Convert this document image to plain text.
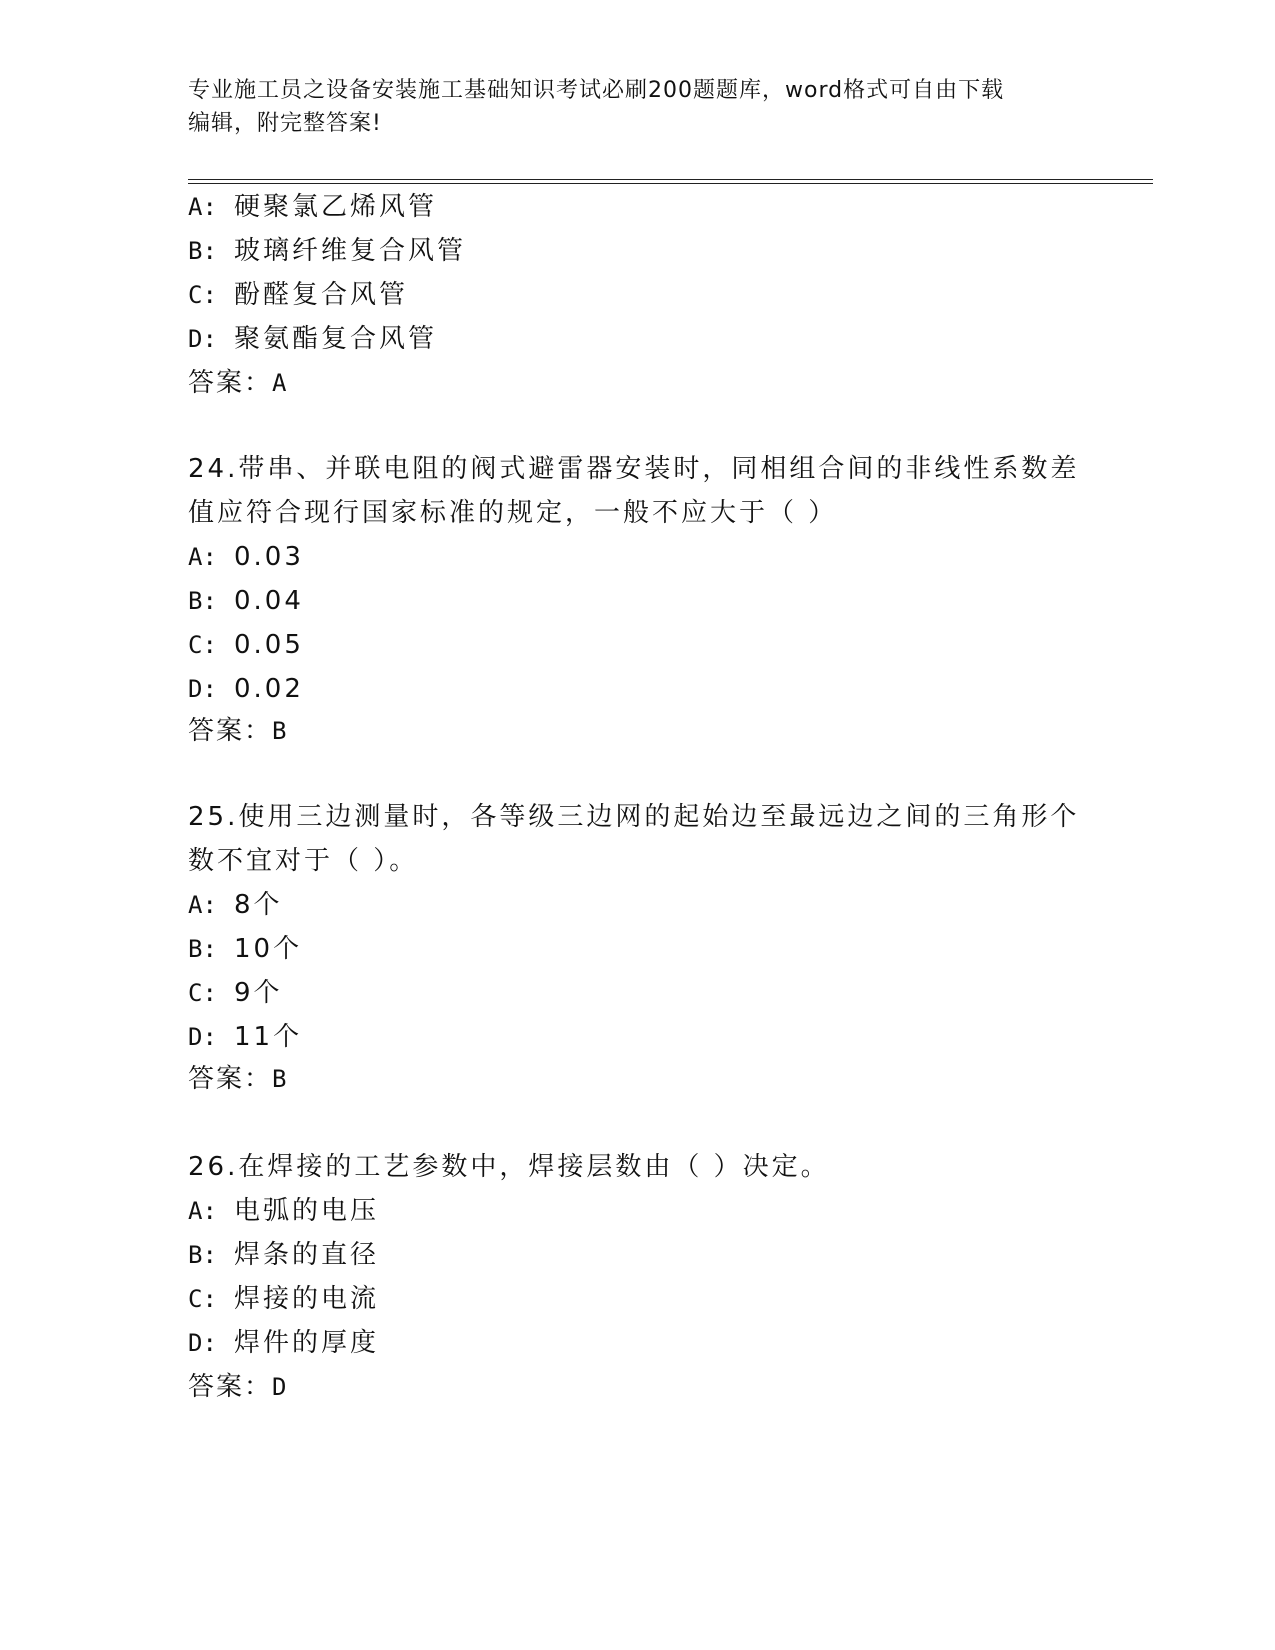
专业施工员之设备安装施工基础知识考试必刷200题题库，word格式可自由下载
编辑，附完整答案!
A: 硬聚氯乙烯风管
B: 玻璃纤维复合风管
C: 酚醛复合风管
D: 聚氨酯复合风管
答案：A
24.带串、并联电阻的阀式避雷器安装时，同相组合间的非线性系数差
值应符合现行国家标准的规定，一般不应大于（ ）
A: 0.03
B: 0.04
C: 0.05
D: 0.02
答案：B
25.使用三边测量时，各等级三边网的起始边至最远边之间的三角形个
数不宜对于（ ）。
A: 8个
B: 10个
C: 9个
D: 11个
答案：B
26.在焊接的工艺参数中，焊接层数由（ ）决定。
A: 电弧的电压
B: 焊条的直径
C: 焊接的电流
D: 焊件的厚度
答案：D
